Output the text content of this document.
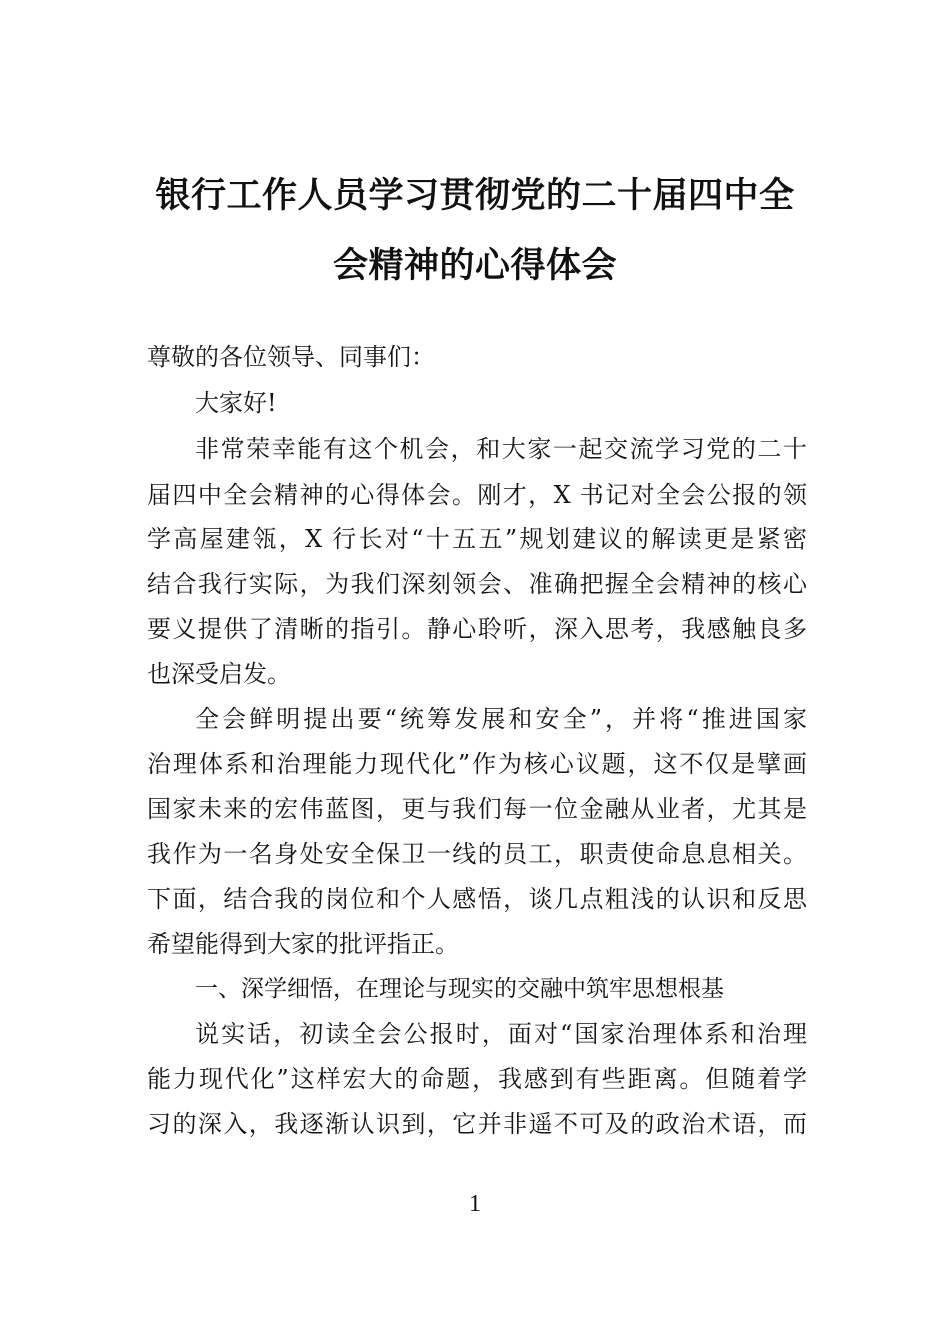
银行工作人员学习贯彻党的二十届四中全
会精神的心得体会
尊敬的各位领导、同事们：
大家好!
非常荣幸能有这个机会，和大家一起交流学习党的二十
届四中全会精神的心得体会。刚才，X 书记对全会公报的领
学高屋建瓴，X 行长对“十五五”规划建议的解读更是紧密
结合我行实际，为我们深刻领会、准确把握全会精神的核心
要义提供了清晰的指引。静心聆听，深入思考，我感触良多
也深受启发。
全会鲜明提出要“统筹发展和安全”，并将“推进国家
治理体系和治理能力现代化”作为核心议题，这不仅是擘画
国家未来的宏伟蓝图，更与我们每一位金融从业者，尤其是
我作为一名身处安全保卫一线的员工，职责使命息息相关。
下面，结合我的岗位和个人感悟，谈几点粗浅的认识和反思
希望能得到大家的批评指正。
一、深学细悟，在理论与现实的交融中筑牢思想根基
说实话，初读全会公报时，面对“国家治理体系和治理
能力现代化”这样宏大的命题，我感到有些距离。但随着学
习的深入，我逐渐认识到，它并非遥不可及的政治术语，而
1
